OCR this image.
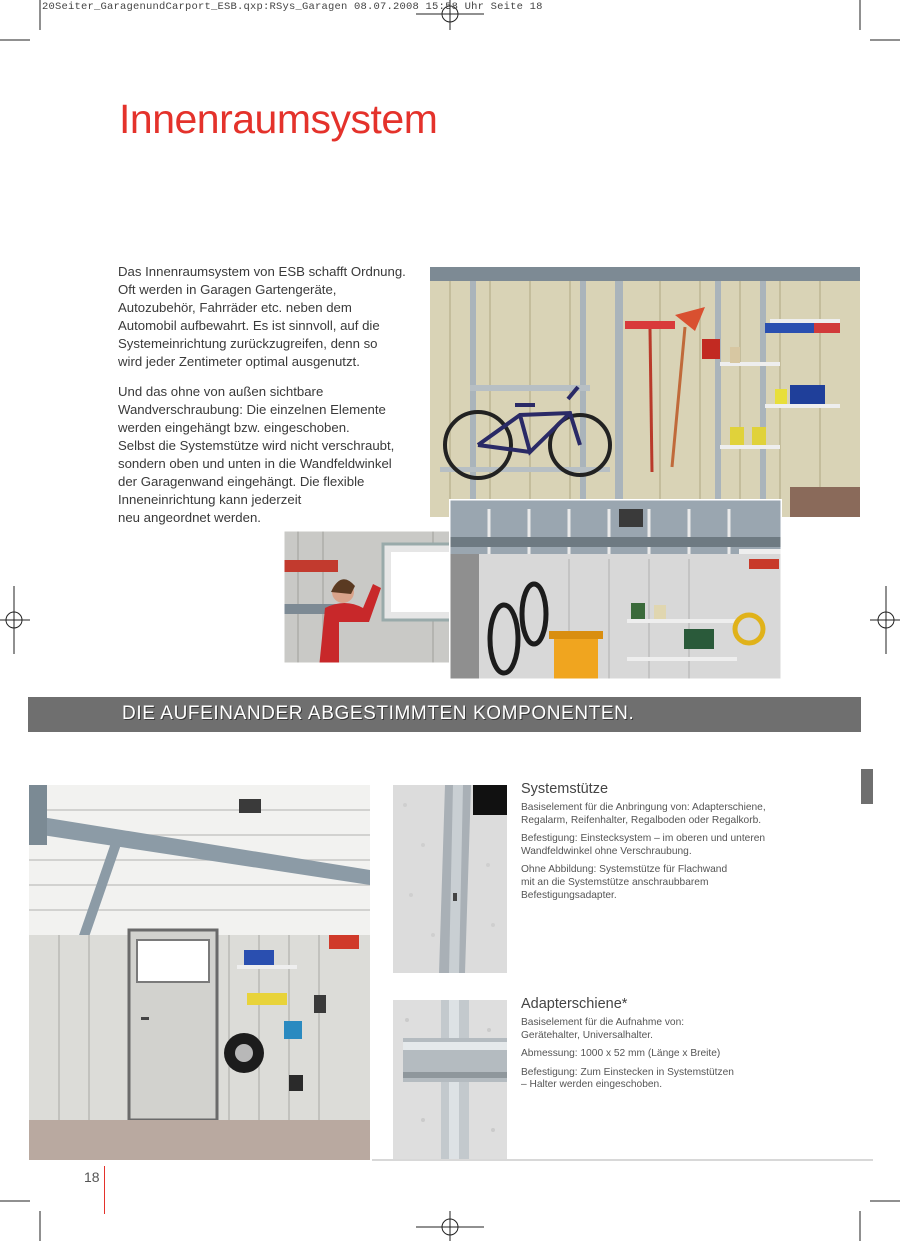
20Seiter_GaragenundCarport_ESB.qxp:RSys_Garagen 08.07.2008 15:58 Uhr Seite 18
Innenraumsystem

Das Innenraumsystem von ESB schafft Ordnung.
Oft werden in Garagen Gartengeräte,
Autozubehör, Fahrräder etc. neben dem
Automobil aufbewahrt. Es ist sinnvoll, auf die
Systemeinrichtung zurückzugreifen, denn so
wird jeder Zentimeter optimal ausgenutzt.

Und das ohne von außen sichtbare
Wandverschraubung: Die einzelnen Elemente
werden eingehängt bzw. eingeschoben.
Selbst die Systemstütze wird nicht verschraubt,
sondern oben und unten in die Wandfeldwinkel
der Garagenwand eingehängt. Die flexible
Inneneinrichtung kann jederzeit
neu angeordnet werden.

DIE AUFEINANDER ABGESTIMMTEN KOMPONENTEN.
Systemstütze

Basiselement für die Anbringung von: Adapterschiene,
Regalarm, Reifenhalter, Regalboden oder Regalkorb.

Befestigung: Einstecksystem – im oberen und unteren
Wandfeldwinkel ohne Verschraubung.

Ohne Abbildung: Systemstütze für Flachwand
mit an die Systemstütze anschraubbarem
Befestigungsadapter.

Adapterschiene*

Basiselement für die Aufnahme von:
Gerätehalter, Universalhalter.

Abmessung: 1000 x 52 mm (Länge x Breite)

Befestigung: Zum Einstecken in Systemstützen
– Halter werden eingeschoben.

18
